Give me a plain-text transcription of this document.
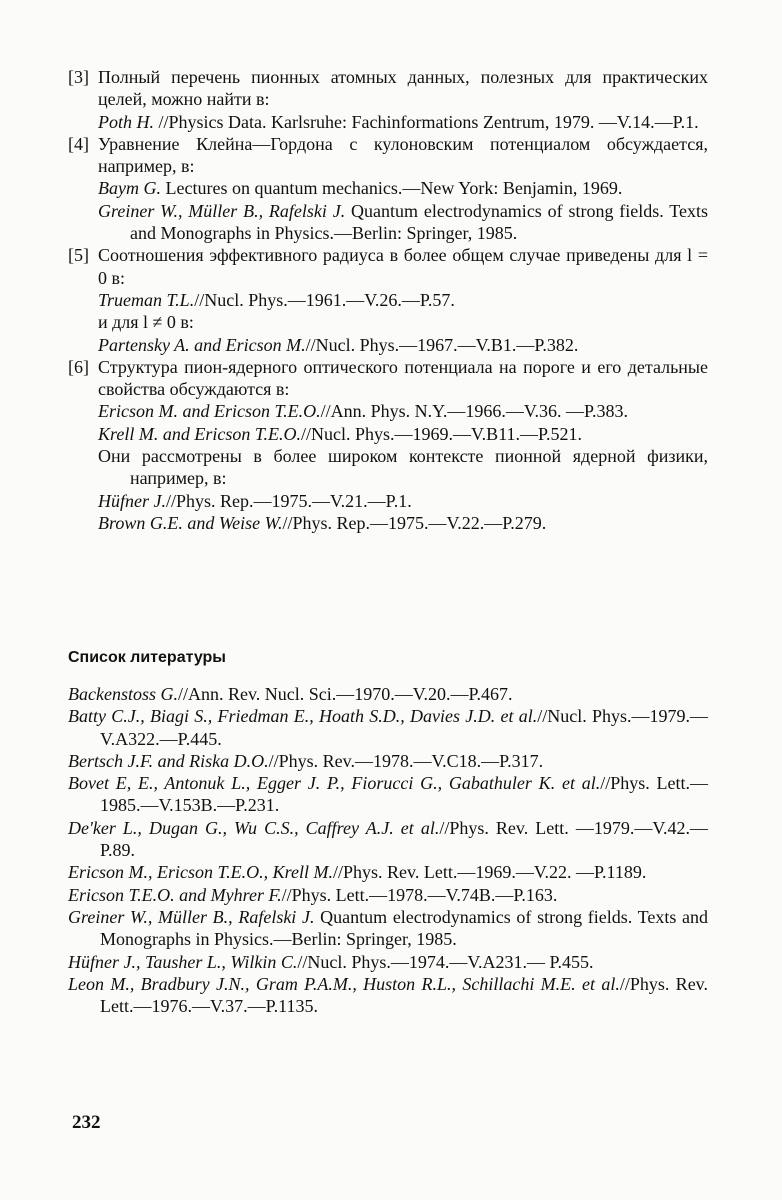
[3] Полный перечень пионных атомных данных, полезных для практических целей, можно найти в:
Poth H. //Physics Data. Karlsruhe: Fachinformations Zentrum, 1979. —V.14.—P.1.
[4] Уравнение Клейна—Гордона с кулоновским потенциалом обсуждается, например, в:
Baym G. Lectures on quantum mechanics.—New York: Benjamin, 1969.
Greiner W., Müller B., Rafelski J. Quantum electrodynamics of strong fields. Texts and Monographs in Physics.—Berlin: Springer, 1985.
[5] Соотношения эффективного радиуса в более общем случае приведены для l = 0 в:
Trueman T.L.//Nucl. Phys.—1961.—V.26.—P.57.
и для l ≠ 0 в:
Partensky A. and Ericson M.//Nucl. Phys.—1967.—V.B1.—P.382.
[6] Структура пион-ядерного оптического потенциала на пороге и его детальные свойства обсуждаются в:
Ericson M. and Ericson T.E.O.//Ann. Phys. N.Y.—1966.—V.36. —P.383.
Krell M. and Ericson T.E.O.//Nucl. Phys.—1969.—V.B11.—P.521.
Они рассмотрены в более широком контексте пионной ядерной физики, например, в:
Hüfner J.//Phys. Rep.—1975.—V.21.—P.1.
Brown G.E. and Weise W.//Phys. Rep.—1975.—V.22.—P.279.
Список литературы
Backenstoss G.//Ann. Rev. Nucl. Sci.—1970.—V.20.—P.467.
Batty C.J., Biagi S., Friedman E., Hoath S.D., Davies J.D. et al.//Nucl. Phys.—1979.—V.A322.—P.445.
Bertsch J.F. and Riska D.O.//Phys. Rev.—1978.—V.C18.—P.317.
Bovet E, E., Antonuk L., Egger J. P., Fiorucci G., Gabathuler K. et al.//Phys. Lett.—1985.—V.153B.—P.231.
De'ker L., Dugan G., Wu C.S., Caffrey A.J. et al.//Phys. Rev. Lett. —1979.—V.42.—P.89.
Ericson M., Ericson T.E.O., Krell M.//Phys. Rev. Lett.—1969.—V.22. —P.1189.
Ericson T.E.O. and Myhrer F.//Phys. Lett.—1978.—V.74B.—P.163.
Greiner W., Müller B., Rafelski J. Quantum electrodynamics of strong fields. Texts and Monographs in Physics.—Berlin: Springer, 1985.
Hüfner J., Tausher L., Wilkin C.//Nucl. Phys.—1974.—V.A231.— P.455.
Leon M., Bradbury J.N., Gram P.A.M., Huston R.L., Schillachi M.E. et al.//Phys. Rev. Lett.—1976.—V.37.—P.1135.
232
